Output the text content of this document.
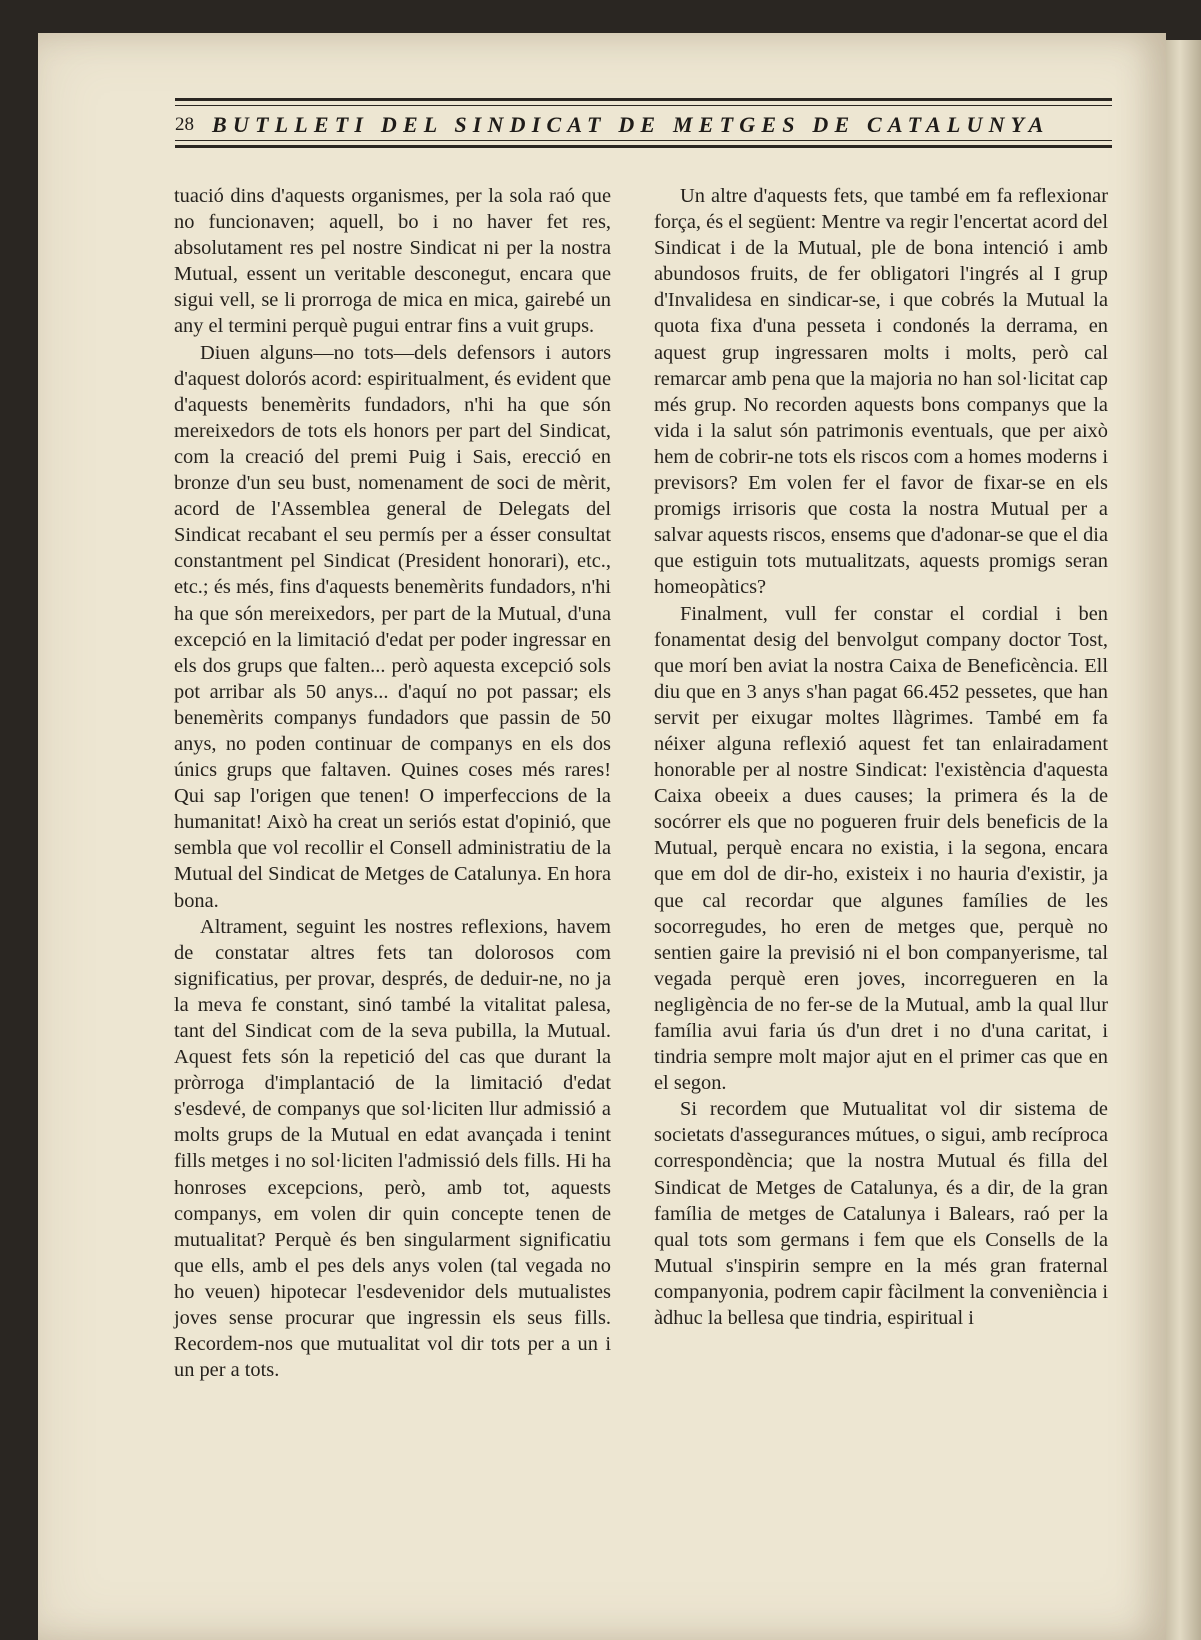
28 BUTLLETI DEL SINDICAT DE METGES DE CATALUNYA

tuació dins d'aquests organismes, per la sola raó que no funcionaven; aquell, bo i no haver fet res, absolutament res pel nostre Sindicat ni per la nostra Mutual, essent un veritable desconegut, encara que sigui vell, se li prorroga de mica en mica, gairebé un any el termini perquè pugui entrar fins a vuit grups.

Diuen alguns—no tots—dels defensors i autors d'aquest dolorós acord: espiritualment, és evident que d'aquests benemèrits fundadors, n'hi ha que són mereixedors de tots els honors per part del Sindicat, com la creació del premi Puig i Sais, erecció en bronze d'un seu bust, nomenament de soci de mèrit, acord de l'Assemblea general de Delegats del Sindicat recabant el seu permís per a ésser consultat constantment pel Sindicat (President honorari), etc., etc.; és més, fins d'aquests benemèrits fundadors, n'hi ha que són mereixedors, per part de la Mutual, d'una excepció en la limitació d'edat per poder ingressar en els dos grups que falten... però aquesta excepció sols pot arribar als 50 anys... d'aquí no pot passar; els benemèrits companys fundadors que passin de 50 anys, no poden continuar de companys en els dos únics grups que faltaven. Quines coses més rares! Qui sap l'origen que tenen! O imperfeccions de la humanitat! Això ha creat un seriós estat d'opinió, que sembla que vol recollir el Consell administratiu de la Mutual del Sindicat de Metges de Catalunya. En hora bona.

Altrament, seguint les nostres reflexions, havem de constatar altres fets tan dolorosos com significatius, per provar, després, de deduir-ne, no ja la meva fe constant, sinó també la vitalitat palesa, tant del Sindicat com de la seva pubilla, la Mutual. Aquest fets són la repetició del cas que durant la pròrroga d'implantació de la limitació d'edat s'esdevé, de companys que sol·liciten llur admissió a molts grups de la Mutual en edat avançada i tenint fills metges i no sol·liciten l'admissió dels fills. Hi ha honroses excepcions, però, amb tot, aquests companys, em volen dir quin concepte tenen de mutualitat? Perquè és ben singularment significatiu que ells, amb el pes dels anys volen (tal vegada no ho veuen) hipotecar l'esdevenidor dels mutualistes joves sense procurar que ingressin els seus fills. Recordem-nos que mutualitat vol dir tots per a un i un per a tots.

Un altre d'aquests fets, que també em fa reflexionar força, és el següent: Mentre va regir l'encertat acord del Sindicat i de la Mutual, ple de bona intenció i amb abundosos fruits, de fer obligatori l'ingrés al I grup d'Invalidesa en sindicar-se, i que cobrés la Mutual la quota fixa d'una pesseta i condonés la derrama, en aquest grup ingressaren molts i molts, però cal remarcar amb pena que la majoria no han sol·licitat cap més grup. No recorden aquests bons companys que la vida i la salut són patrimonis eventuals, que per això hem de cobrir-ne tots els riscos com a homes moderns i previsors? Em volen fer el favor de fixar-se en els promigs irrisoris que costa la nostra Mutual per a salvar aquests riscos, ensems que d'adonar-se que el dia que estiguin tots mutualitzats, aquests promigs seran homeopàtics?

Finalment, vull fer constar el cordial i ben fonamentat desig del benvolgut company doctor Tost, que morí ben aviat la nostra Caixa de Beneficència. Ell diu que en 3 anys s'han pagat 66.452 pessetes, que han servit per eixugar moltes llàgrimes. També em fa néixer alguna reflexió aquest fet tan enlairadament honorable per al nostre Sindicat: l'existència d'aquesta Caixa obeeix a dues causes; la primera és la de socórrer els que no pogueren fruir dels beneficis de la Mutual, perquè encara no existia, i la segona, encara que em dol de dir-ho, existeix i no hauria d'existir, ja que cal recordar que algunes famílies de les socorregudes, ho eren de metges que, perquè no sentien gaire la previsió ni el bon companyerisme, tal vegada perquè eren joves, incorregueren en la negligència de no fer-se de la Mutual, amb la qual llur família avui faria ús d'un dret i no d'una caritat, i tindria sempre molt major ajut en el primer cas que en el segon.

Si recordem que Mutualitat vol dir sistema de societats d'assegurances mútues, o sigui, amb recíproca correspondència; que la nostra Mutual és filla del Sindicat de Metges de Catalunya, és a dir, de la gran família de metges de Catalunya i Balears, raó per la qual tots som germans i fem que els Consells de la Mutual s'inspirin sempre en la més gran fraternal companyonia, podrem capir fàcilment la conveniència i àdhuc la bellesa que tindria, espiritual i
